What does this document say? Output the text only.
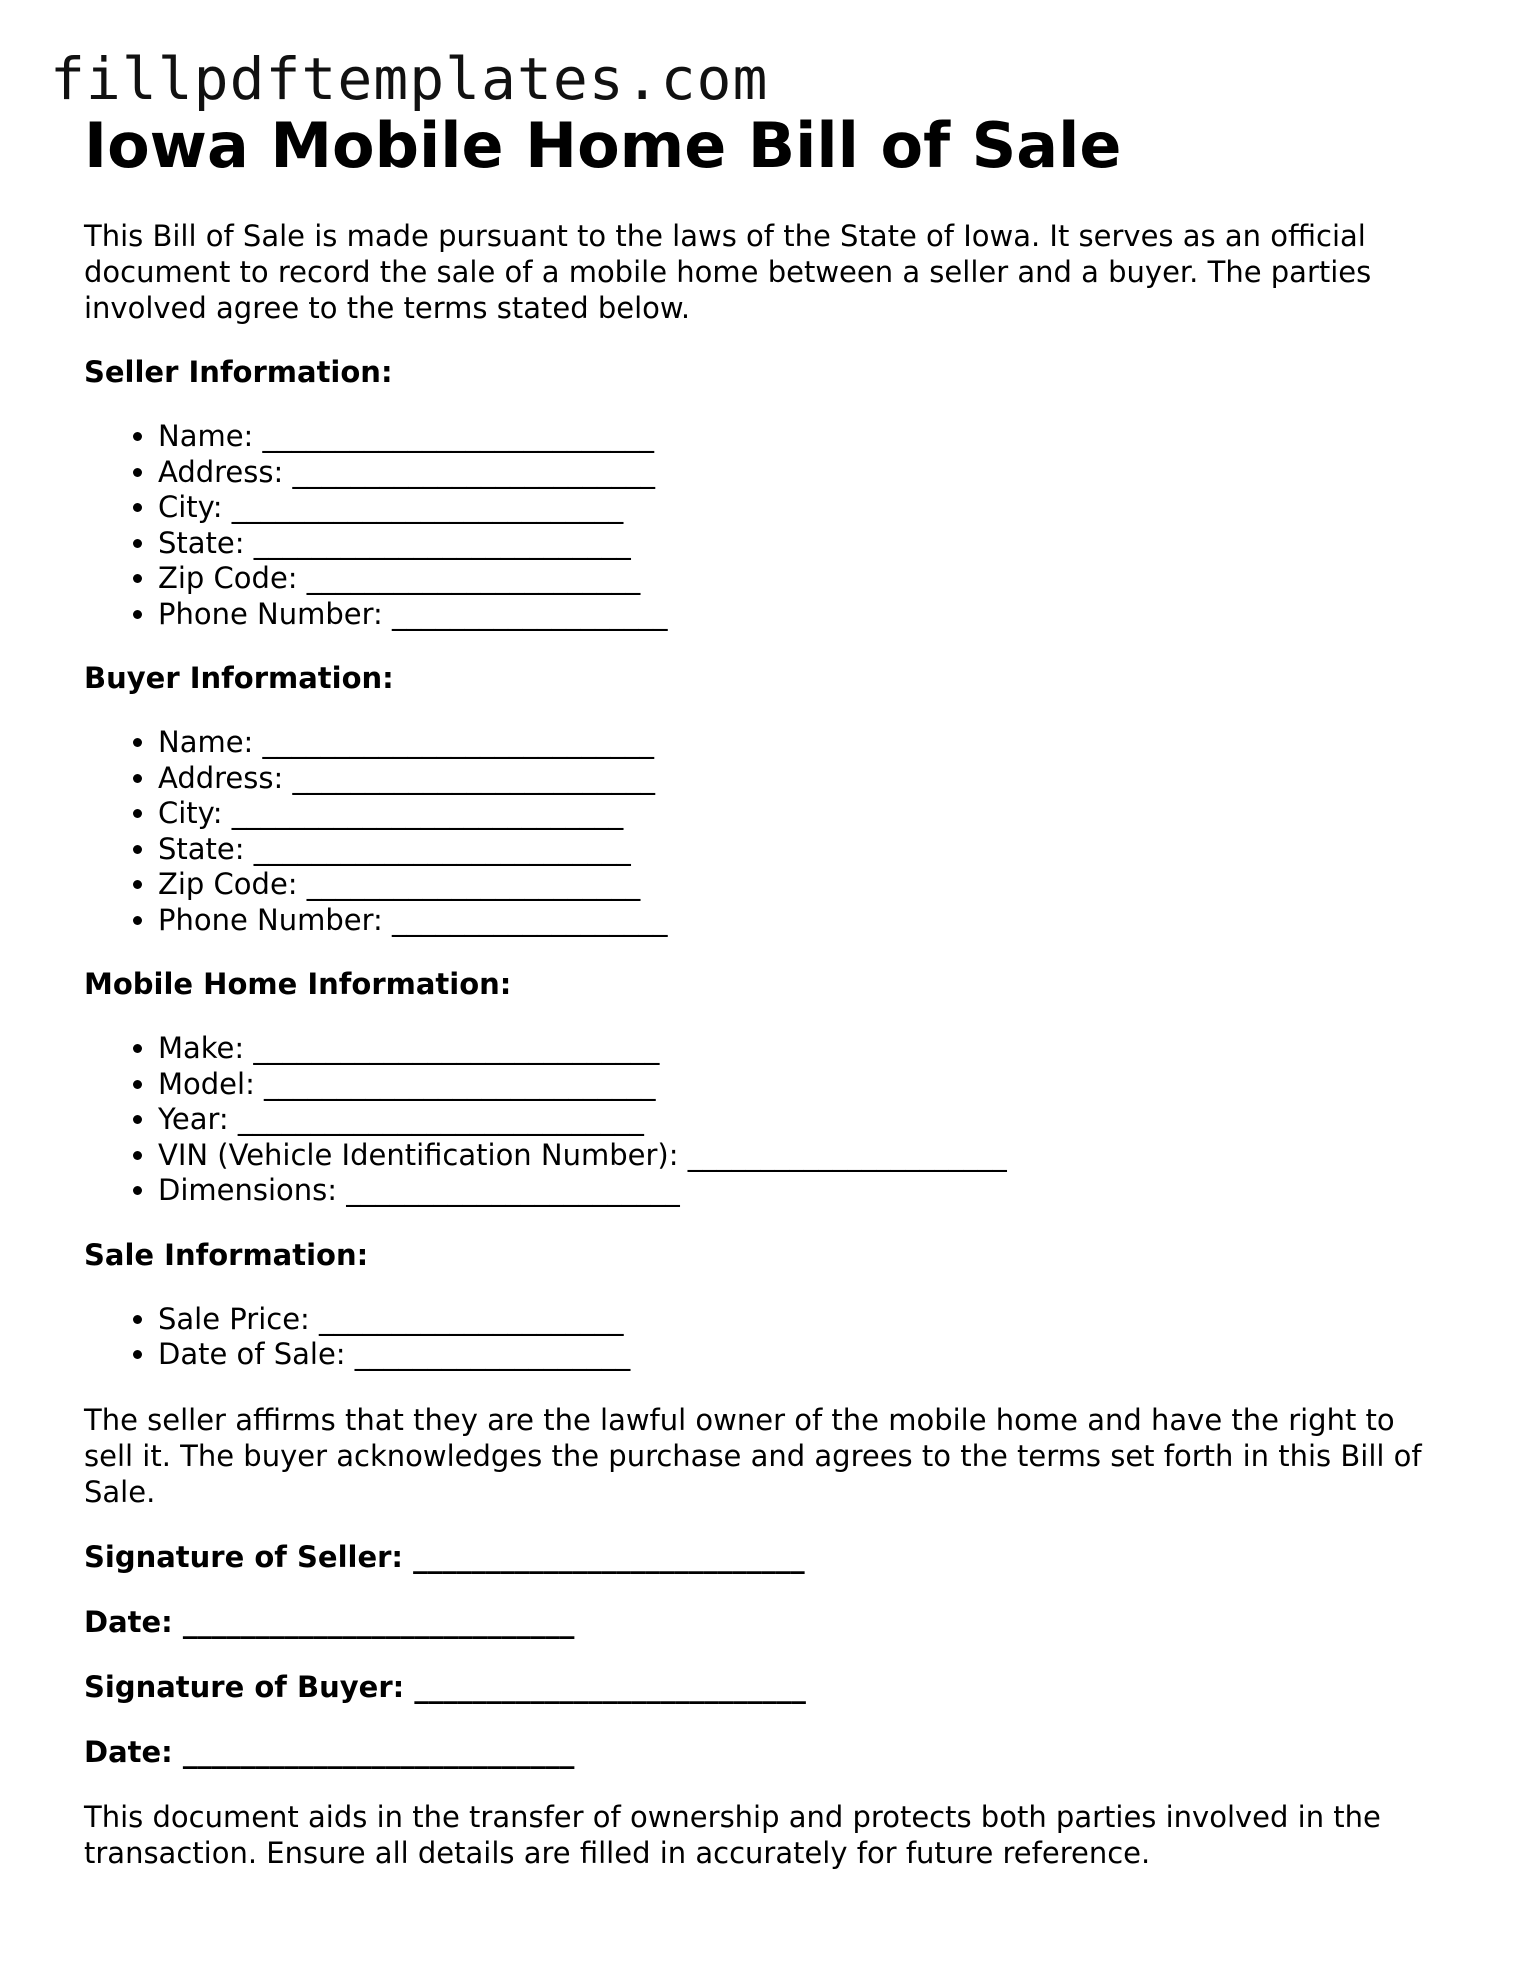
fillpdftemplates.com
Iowa Mobile Home Bill of Sale

This Bill of Sale is made pursuant to the laws of the State of Iowa. It serves as an official document to record the sale of a mobile home between a seller and a buyer. The parties involved agree to the terms stated below.

Seller Information:
• Name: ___________________________
• Address: _________________________
• City: ___________________________
• State: __________________________
• Zip Code: _______________________
• Phone Number: ___________________
Buyer Information:
• Name: ___________________________
• Address: _________________________
• City: ___________________________
• State: __________________________
• Zip Code: _______________________
• Phone Number: ___________________
Mobile Home Information:
• Make: ____________________________
• Model: ___________________________
• Year: ____________________________
• VIN (Vehicle Identification Number): ______________________
• Dimensions: _______________________
Sale Information:
• Sale Price: _____________________
• Date of Sale: ___________________

The seller affirms that they are the lawful owner of the mobile home and have the right to sell it. The buyer acknowledges the purchase and agrees to the terms set forth in this Bill of Sale.

Signature of Seller: ___________________________
Date: ___________________________
Signature of Buyer: ___________________________
Date: ___________________________

This document aids in the transfer of ownership and protects both parties involved in the transaction. Ensure all details are filled in accurately for future reference.
